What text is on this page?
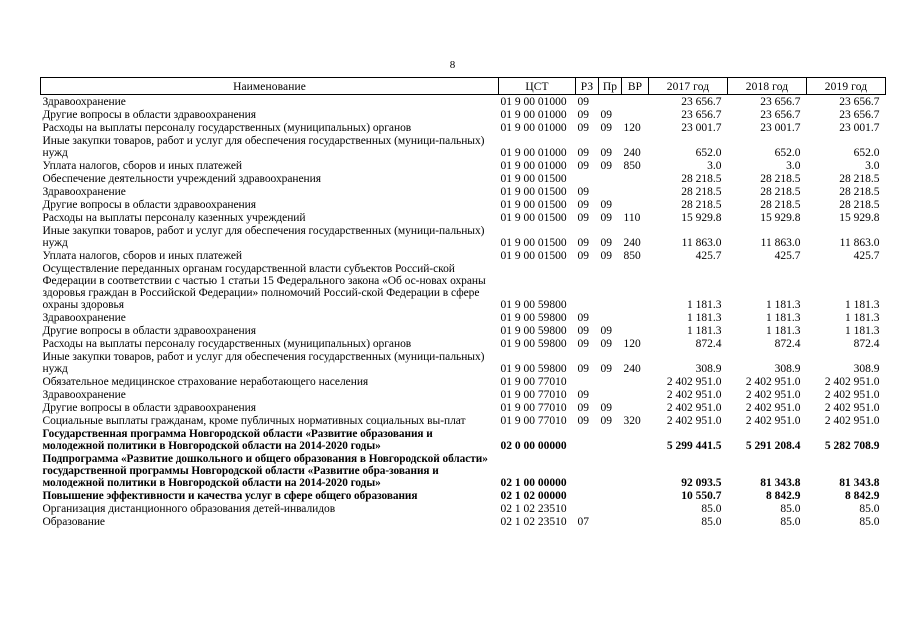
8
Наименование	ЦСТ	РЗ	Пр	ВР	2017 год	2018 год	2019 год
Здравоохранение	01 9 00 01000	09			23 656.7	23 656.7	23 656.7
Другие вопросы в области здравоохранения	01 9 00 01000	09	09		23 656.7	23 656.7	23 656.7
Расходы на выплаты персоналу государственных (муниципальных) органов	01 9 00 01000	09	09	120	23 001.7	23 001.7	23 001.7
Иные закупки товаров, работ и услуг для обеспечения государственных (муници-пальных) нужд	01 9 00 01000	09	09	240	652.0	652.0	652.0
Уплата налогов, сборов и иных платежей	01 9 00 01000	09	09	850	3.0	3.0	3.0
Обеспечение деятельности учреждений здравоохранения	01 9 00 01500				28 218.5	28 218.5	28 218.5
Здравоохранение	01 9 00 01500	09			28 218.5	28 218.5	28 218.5
Другие вопросы в области здравоохранения	01 9 00 01500	09	09		28 218.5	28 218.5	28 218.5
Расходы на выплаты персоналу казенных учреждений	01 9 00 01500	09	09	110	15 929.8	15 929.8	15 929.8
Иные закупки товаров, работ и услуг для обеспечения государственных (муници-пальных) нужд	01 9 00 01500	09	09	240	11 863.0	11 863.0	11 863.0
Уплата налогов, сборов и иных платежей	01 9 00 01500	09	09	850	425.7	425.7	425.7
Осуществление переданных органам государственной власти субъектов Россий-ской Федерации в соответствии с частью 1 статьи 15 Федерального закона «Об ос-новах охраны здоровья граждан в Российской Федерации» полномочий Россий-ской Федерации в сфере охраны здоровья	01 9 00 59800				1 181.3	1 181.3	1 181.3
Здравоохранение	01 9 00 59800	09			1 181.3	1 181.3	1 181.3
Другие вопросы в области здравоохранения	01 9 00 59800	09	09		1 181.3	1 181.3	1 181.3
Расходы на выплаты персоналу государственных (муниципальных) органов	01 9 00 59800	09	09	120	872.4	872.4	872.4
Иные закупки товаров, работ и услуг для обеспечения государственных (муници-пальных) нужд	01 9 00 59800	09	09	240	308.9	308.9	308.9
Обязательное медицинское страхование неработающего населения	01 9 00 77010				2 402 951.0	2 402 951.0	2 402 951.0
Здравоохранение	01 9 00 77010	09			2 402 951.0	2 402 951.0	2 402 951.0
Другие вопросы в области здравоохранения	01 9 00 77010	09	09		2 402 951.0	2 402 951.0	2 402 951.0
Социальные выплаты гражданам, кроме публичных нормативных социальных вы-плат	01 9 00 77010	09	09	320	2 402 951.0	2 402 951.0	2 402 951.0
Государственная программа Новгородской области «Развитие образования и молодежной политики в Новгородской области на 2014-2020 годы»	02 0 00 00000				5 299 441.5	5 291 208.4	5 282 708.9
Подпрограмма «Развитие дошкольного и общего образования в Новгородской области» государственной программы Новгородской области «Развитие обра-зования и молодежной политики в Новгородской области на 2014-2020 годы»	02 1 00 00000				92 093.5	81 343.8	81 343.8
Повышение эффективности и качества услуг в сфере общего образования	02 1 02 00000				10 550.7	8 842.9	8 842.9
Организация дистанционного образования детей-инвалидов	02 1 02 23510				85.0	85.0	85.0
Образование	02 1 02 23510	07			85.0	85.0	85.0
